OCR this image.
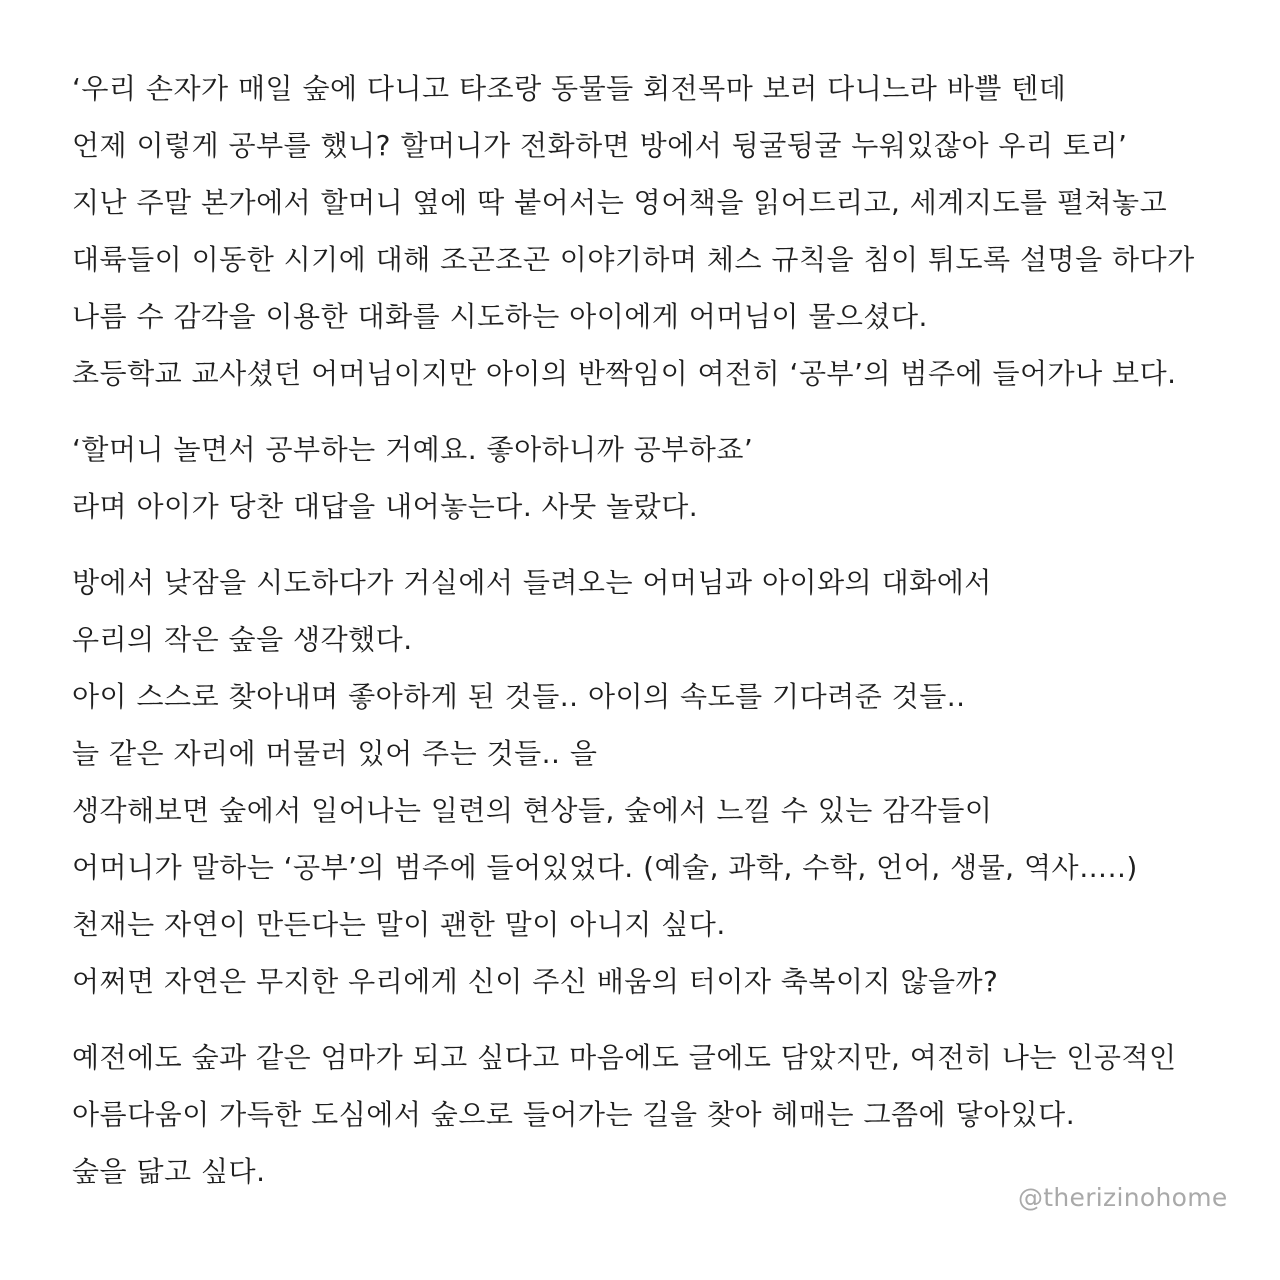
‘우리 손자가 매일 숲에 다니고 타조랑 동물들 회전목마 보러 다니느라 바쁠 텐데
언제 이렇게 공부를 했니? 할머니가 전화하면 방에서 뒹굴뒹굴 누워있잖아 우리 토리’
지난 주말 본가에서 할머니 옆에 딱 붙어서는 영어책을 읽어드리고, 세계지도를 펼쳐놓고
대륙들이 이동한 시기에 대해 조곤조곤 이야기하며 체스 규칙을 침이 튀도록 설명을 하다가
나름 수 감각을 이용한 대화를 시도하는 아이에게 어머님이 물으셨다.
초등학교 교사셨던 어머님이지만 아이의 반짝임이 여전히 ‘공부’의 범주에 들어가나 보다.

‘할머니 놀면서 공부하는 거예요. 좋아하니까 공부하죠’
라며 아이가 당찬 대답을 내어놓는다. 사뭇 놀랐다.

방에서 낮잠을 시도하다가 거실에서 들려오는 어머님과 아이와의 대화에서
우리의 작은 숲을 생각했다.
아이 스스로 찾아내며 좋아하게 된 것들.. 아이의 속도를 기다려준 것들..
늘 같은 자리에 머물러 있어 주는 것들.. 을
생각해보면 숲에서 일어나는 일련의 현상들, 숲에서 느낄 수 있는 감각들이
어머니가 말하는 ‘공부’의 범주에 들어있었다. (예술, 과학, 수학, 언어, 생물, 역사…..)
천재는 자연이 만든다는 말이 괜한 말이 아니지 싶다.
어쩌면 자연은 무지한 우리에게 신이 주신 배움의 터이자 축복이지 않을까?

예전에도 숲과 같은 엄마가 되고 싶다고 마음에도 글에도 담았지만, 여전히 나는 인공적인
아름다움이 가득한 도심에서 숲으로 들어가는 길을 찾아 헤매는 그쯤에 닿아있다.
숲을 닮고 싶다.

@therizinohome
